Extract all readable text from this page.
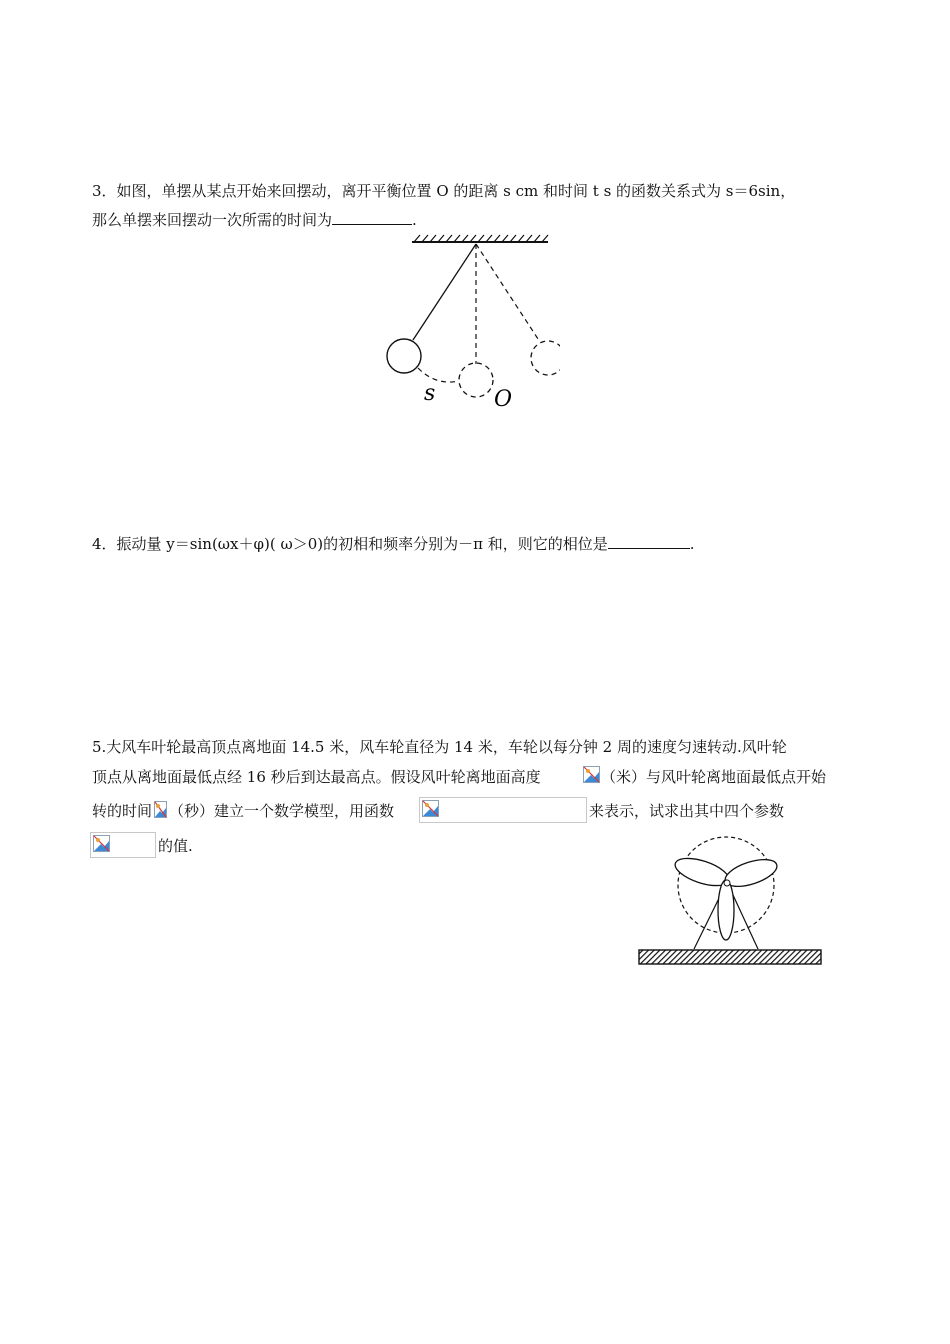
3．如图，单摆从某点开始来回摆动，离开平衡位置 O 的距离 s cm 和时间 t s 的函数关系式为 s＝6sin，
那么单摆来回摆动一次所需的时间为	.
s	O
4．振动量 y＝sin(ωx＋φ)( ω＞0)的初相和频率分别为－π 和，则它的相位是	.
5.大风车叶轮最高顶点离地面 14.5 米，风车轮直径为 14 米，车轮以每分钟 2 周的速度匀速转动.风叶轮
顶点从离地面最低点经 16 秒后到达最高点。假设风叶轮离地面高度	（米）与风叶轮离地面最低点开始
转的时间 （秒）建立一个数学模型，用函数	来表示，试求出其中四个参数
的值.
